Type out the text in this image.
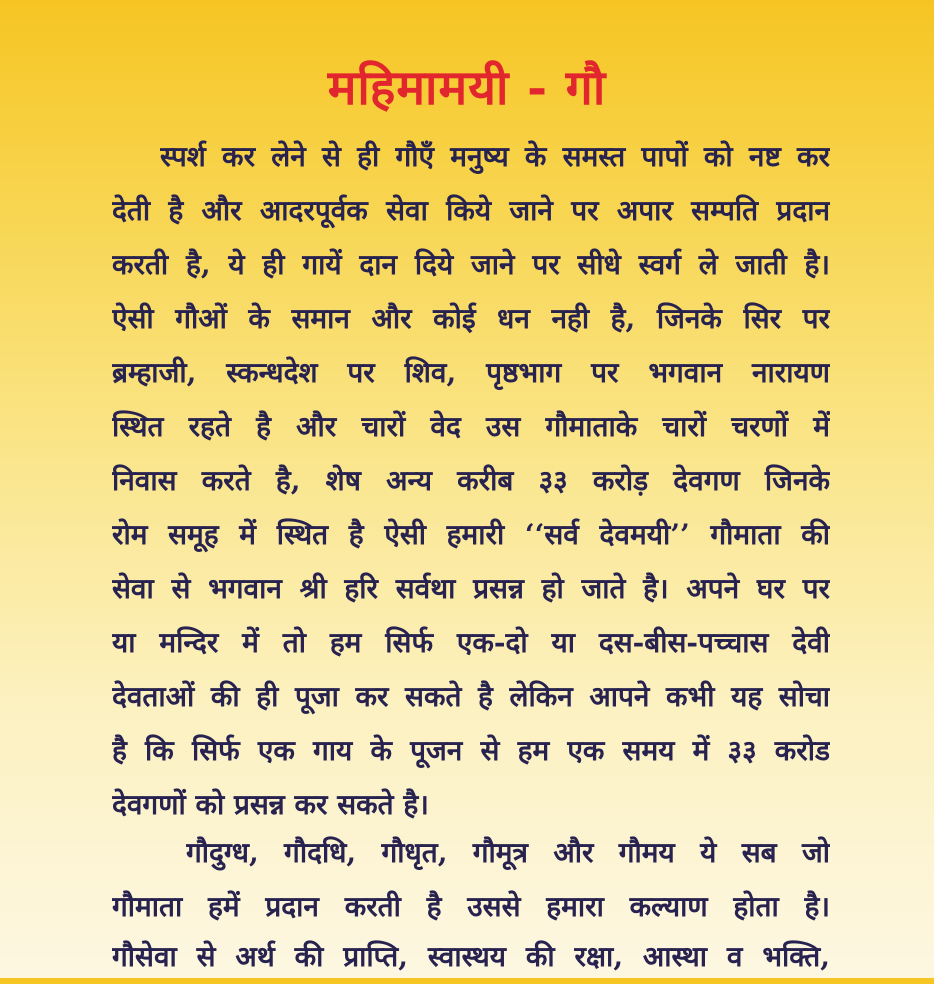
महिमामयी - गौ
स्पर्श कर लेने से ही गौएँ मनुष्य के समस्त पापों को नष्ट कर
देती है और आदरपूर्वक सेवा किये जाने पर अपार सम्पति प्रदान
करती है, ये ही गायें दान दिये जाने पर सीधे स्वर्ग ले जाती है।
ऐसी गौओं के समान और कोई धन नही है, जिनके सिर पर
ब्रम्हाजी, स्कन्धदेश पर शिव, पृष्ठभाग पर भगवान नारायण
स्थित रहते है और चारों वेद उस गौमाताके चारों चरणों में
निवास करते है, शेष अन्य करीब ३३ करोड़ देवगण जिनके
रोम समूह में स्थित है ऐसी हमारी ‘‘सर्व देवमयी’’ गौमाता की
सेवा से भगवान श्री हरि सर्वथा प्रसन्न हो जाते है। अपने घर पर
या मन्दिर में तो हम सिर्फ एक-दो या दस-बीस-पच्चास देवी
देवताओं की ही पूजा कर सकते है लेकिन आपने कभी यह सोचा
है कि सिर्फ एक गाय के पूजन से हम एक समय में ३३ करोड
देवगणों को प्रसन्न कर सकते है।
गौदुग्ध, गौदधि, गौधृत, गौमूत्र और गौमय ये सब जो
गौमाता हमें प्रदान करती है उससे हमारा कल्याण होता है।
गौसेवा से अर्थ की प्राप्ति, स्वास्थय की रक्षा, आस्था व भक्ति,
